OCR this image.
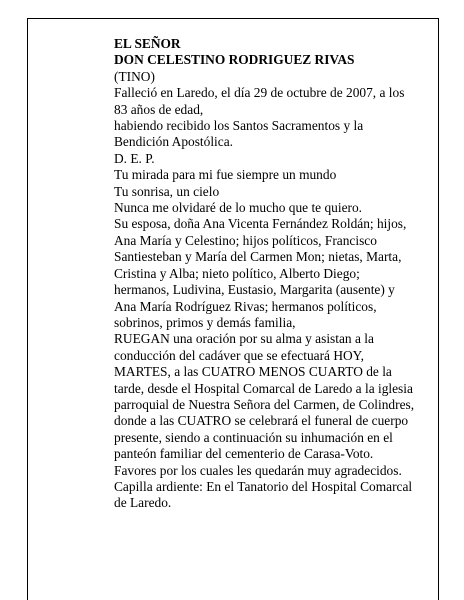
EL SEÑOR
DON CELESTINO RODRIGUEZ RIVAS
(TINO)
Falleció en Laredo, el día 29 de octubre de 2007, a los
83 años de edad,
habiendo recibido los Santos Sacramentos y la
Bendición Apostólica.
D. E. P.
Tu mirada para mi fue siempre un mundo
Tu sonrisa, un cielo
Nunca me olvidaré de lo mucho que te quiero.
Su esposa, doña Ana Vicenta Fernández Roldán; hijos,
Ana María y Celestino; hijos políticos, Francisco
Santiesteban y María del Carmen Mon; nietas, Marta,
Cristina y Alba; nieto político, Alberto Diego;
hermanos, Ludivina, Eustasio, Margarita (ausente) y
Ana María Rodríguez Rivas; hermanos políticos,
sobrinos, primos y demás familia,
RUEGAN una oración por su alma y asistan a la
conducción del cadáver que se efectuará HOY,
MARTES, a las CUATRO MENOS CUARTO de la
tarde, desde el Hospital Comarcal de Laredo a la iglesia
parroquial de Nuestra Señora del Carmen, de Colindres,
donde a las CUATRO se celebrará el funeral de cuerpo
presente, siendo a continuación su inhumación en el
panteón familiar del cementerio de Carasa-Voto.
Favores por los cuales les quedarán muy agradecidos.
Capilla ardiente: En el Tanatorio del Hospital Comarcal
de Laredo.
